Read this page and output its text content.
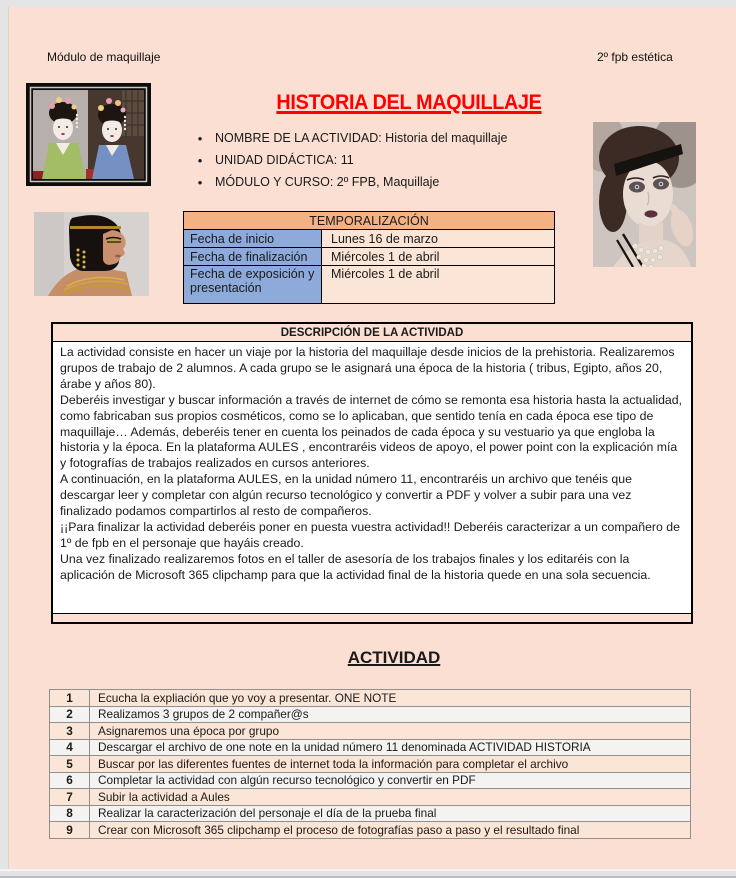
Módulo de maquillaje	2º fpb estética
HISTORIA DEL MAQUILLAJE
•
NOMBRE DE LA ACTIVIDAD: Historia del maquillaje
•
UNIDAD DIDÁCTICA: 11
•
MÓDULO Y CURSO: 2º FPB, Maquillaje
TEMPORALIZACIÓN	
Fecha de inicio	Lunes 16 de marzo
Fecha de finalización	Miércoles 1 de abril
Fecha de exposición y presentación	Miércoles 1 de abril
DESCRIPCIÓN DE LA ACTIVIDAD
La actividad consiste en hacer un viaje por la historia del maquillaje desde inicios de la prehistoria. Realizaremos grupos de trabajo de 2 alumnos. A cada grupo se le asignará una época de la historia ( tribus, Egipto, años 20, árabe y años 80).
Deberéis investigar y buscar información a través de internet de cómo se remonta esa historia hasta la actualidad, como fabricaban sus propios cosméticos, como se lo aplicaban, que sentido tenía en cada época ese tipo de maquillaje… Además, deberéis tener en cuenta los peinados de cada época y su vestuario ya que engloba la historia y la época. En la plataforma AULES , encontraréis videos de apoyo, el power point con la explicación mía y fotografías de trabajos realizados en cursos anteriores.
A continuación, en la plataforma AULES, en la unidad número 11, encontraréis un archivo que tenéis que descargar leer y completar con algún recurso tecnológico y convertir a PDF y volver a subir para una vez finalizado podamos compartirlos al resto de compañeros.
¡¡Para finalizar la actividad deberéis poner en puesta vuestra actividad!! Deberéis caracterizar a un compañero de 1º de fpb en el personaje que hayáis creado.
Una vez finalizado realizaremos fotos en el taller de asesoría de los trabajos finales y los editaréis con la aplicación de Microsoft 365 clipchamp para que la actividad final de la historia quede en una sola secuencia.
ACTIVIDAD
1	Ecucha la expliación que yo voy a presentar. ONE NOTE
2	Realizamos 3 grupos de 2 compañer@s
3	Asignaremos una época por grupo
4	Descargar el archivo de one note en la unidad número 11 denominada ACTIVIDAD HISTORIA
5	Buscar por las diferentes fuentes de internet toda la información para completar el archivo
6	Completar la actividad con algún recurso tecnológico y convertir en PDF
7	Subir la actividad a Aules
8	Realizar la caracterización del personaje el día de la prueba final
9	Crear con Microsoft 365 clipchamp el proceso de fotografías paso a paso y el resultado final
